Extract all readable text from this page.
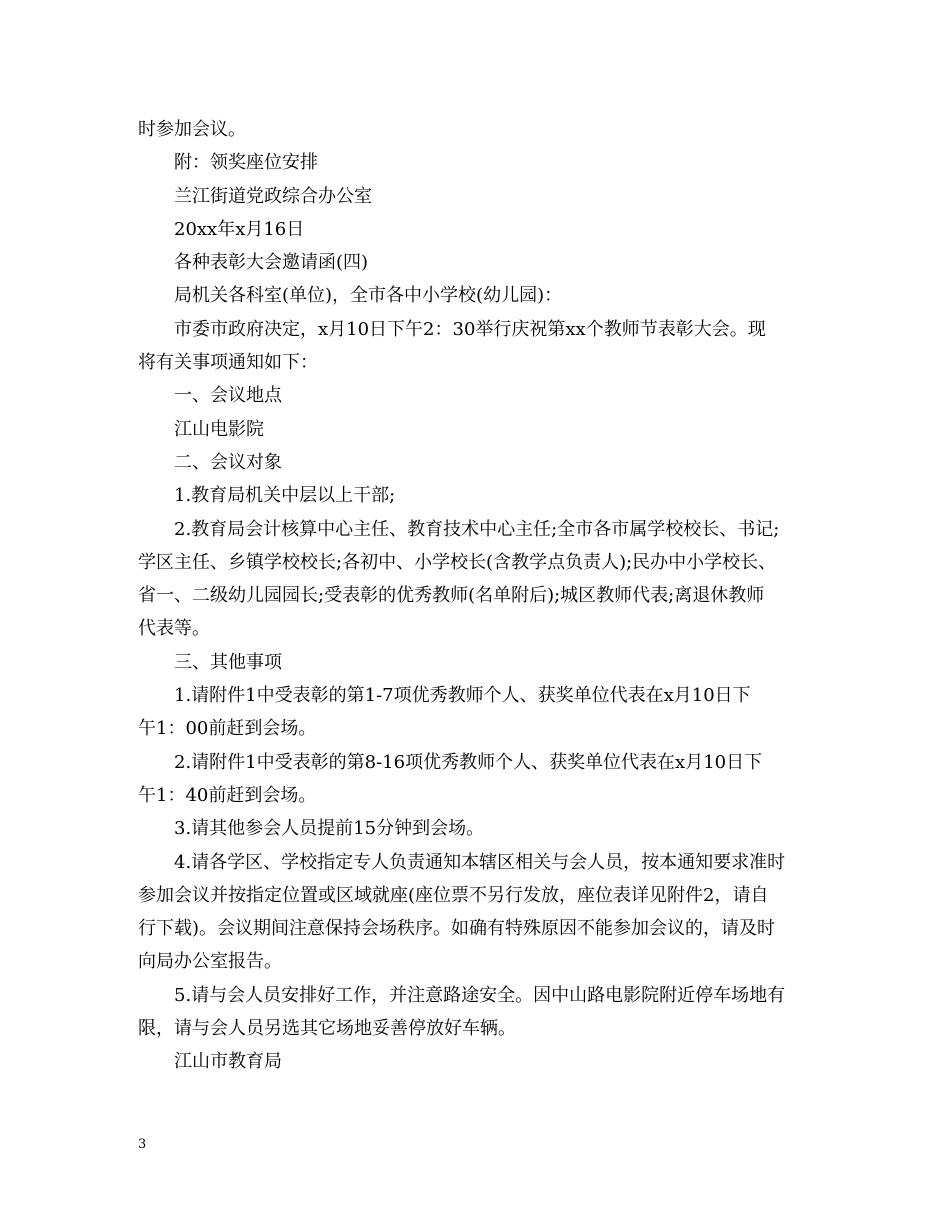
时参加会议。

附：领奖座位安排

兰江街道党政综合办公室

20xx年x月16日

各种表彰大会邀请函(四)

局机关各科室(单位)，全市各中小学校(幼儿园)：

市委市政府决定，x月10日下午2：30举行庆祝第xx个教师节表彰大会。现

将有关事项通知如下：

一、会议地点

江山电影院

二、会议对象

1.教育局机关中层以上干部;

2.教育局会计核算中心主任、教育技术中心主任;全市各市属学校校长、书记;

学区主任、乡镇学校校长;各初中、小学校长(含教学点负责人);民办中小学校长、

省一、二级幼儿园园长;受表彰的优秀教师(名单附后);城区教师代表;离退休教师

代表等。

三、其他事项

1.请附件1中受表彰的第1-7项优秀教师个人、获奖单位代表在x月10日下

午1：00前赶到会场。

2.请附件1中受表彰的第8-16项优秀教师个人、获奖单位代表在x月10日下

午1：40前赶到会场。

3.请其他参会人员提前15分钟到会场。

4.请各学区、学校指定专人负责通知本辖区相关与会人员，按本通知要求准时

参加会议并按指定位置或区域就座(座位票不另行发放，座位表详见附件2，请自

行下载)。会议期间注意保持会场秩序。如确有特殊原因不能参加会议的，请及时

向局办公室报告。

5.请与会人员安排好工作，并注意路途安全。因中山路电影院附近停车场地有

限，请与会人员另选其它场地妥善停放好车辆。

江山市教育局

3
